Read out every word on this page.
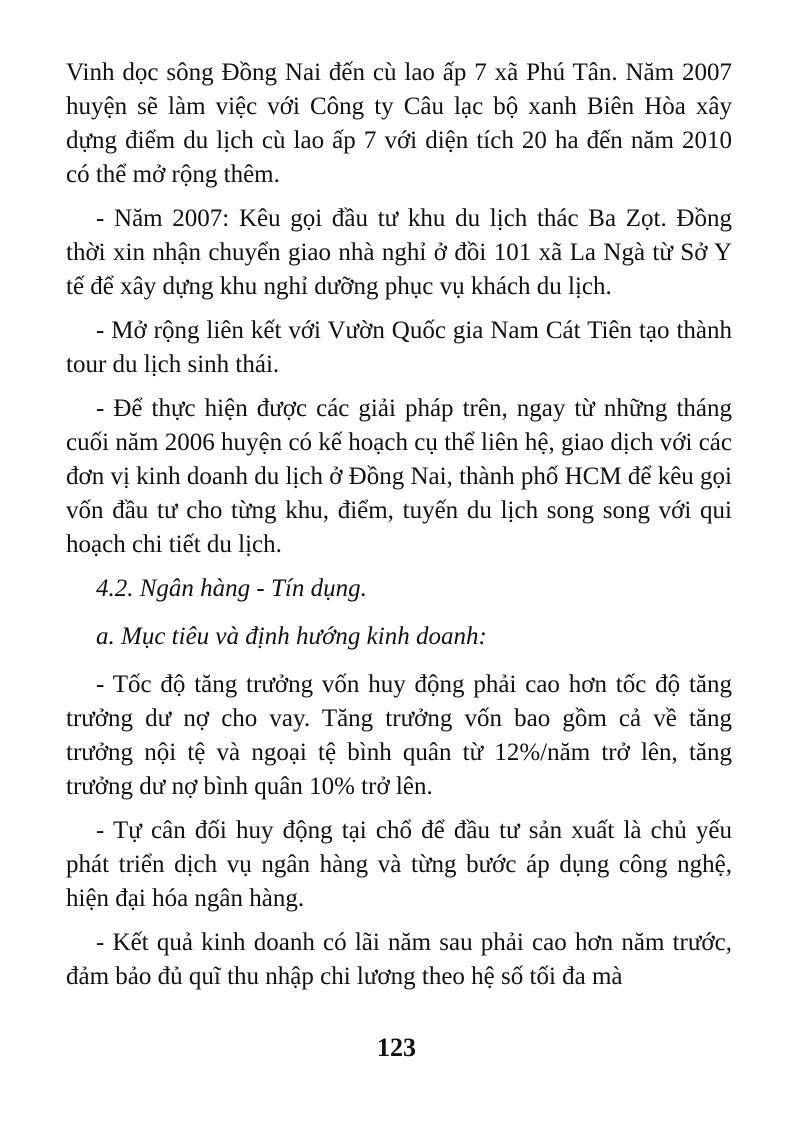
Vinh dọc sông Đồng Nai đến cù lao ấp 7 xã Phú Tân. Năm 2007 huyện sẽ làm việc với Công ty Câu lạc bộ xanh Biên Hòa xây dựng điểm du lịch cù lao ấp 7 với diện tích 20 ha đến năm 2010 có thể mở rộng thêm.

- Năm 2007: Kêu gọi đầu tư khu du lịch thác Ba Zọt. Đồng thời xin nhận chuyển giao nhà nghỉ ở đồi 101 xã La Ngà từ Sở Y tế để xây dựng khu nghỉ dưỡng phục vụ khách du lịch.

- Mở rộng liên kết với Vườn Quốc gia Nam Cát Tiên tạo thành tour du lịch sinh thái.

- Để thực hiện được các giải pháp trên, ngay từ những tháng cuối năm 2006 huyện có kế hoạch cụ thể liên hệ, giao dịch với các đơn vị kinh doanh du lịch ở Đồng Nai, thành phố HCM để kêu gọi vốn đầu tư cho từng khu, điểm, tuyến du lịch song song với qui hoạch chi tiết du lịch.

4.2. Ngân hàng - Tín dụng.

a. Mục tiêu và định hướng kinh doanh:

- Tốc độ tăng trưởng vốn huy động phải cao hơn tốc độ tăng trưởng dư nợ cho vay. Tăng trưởng vốn bao gồm cả về tăng trưởng nội tệ và ngoại tệ bình quân từ 12%/năm trở lên, tăng trưởng dư nợ bình quân 10% trở lên.

- Tự cân đối huy động tại chổ để đầu tư sản xuất là chủ yếu phát triển dịch vụ ngân hàng và từng bước áp dụng công nghệ, hiện đại hóa ngân hàng.

- Kết quả kinh doanh có lãi năm sau phải cao hơn năm trước, đảm bảo đủ quĩ thu nhập chi lương theo hệ số tối đa mà

123
